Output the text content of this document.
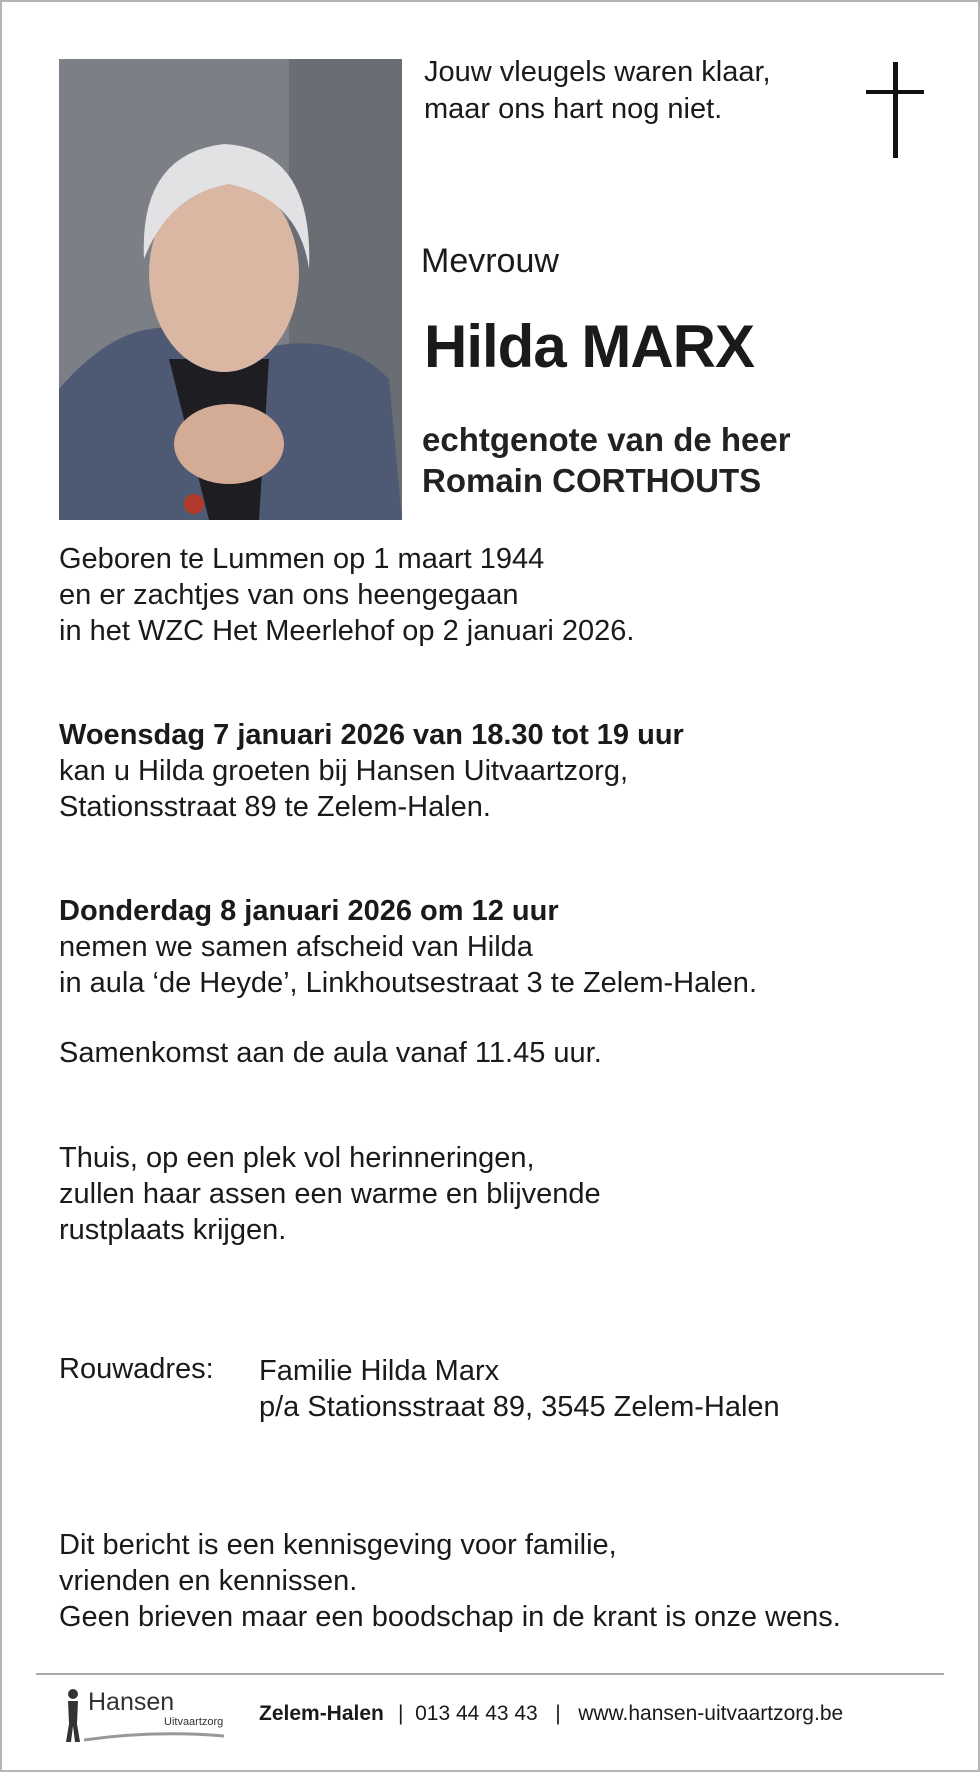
Jouw vleugels waren klaar,
maar ons hart nog niet.
Mevrouw
Hilda MARX
echtgenote van de heer
Romain CORTHOUTS
Geboren te Lummen op 1 maart 1944
en er zachtjes van ons heengegaan
in het WZC Het Meerlehof op 2 januari 2026.
Woensdag 7 januari 2026 van 18.30 tot 19 uur
kan u Hilda groeten bij Hansen Uitvaartzorg,
Stationsstraat 89 te Zelem-Halen.
Donderdag 8 januari 2026 om 12 uur
nemen we samen afscheid van Hilda
in aula ‘de Heyde’, Linkhoutsestraat 3 te Zelem-Halen.
Samenkomst aan de aula vanaf 11.45 uur.
Thuis, op een plek vol herinneringen,
zullen haar assen een warme en blijvende
rustplaats krijgen.
Rouwadres: Familie Hilda Marx
p/a Stationsstraat 89, 3545 Zelem-Halen
Dit bericht is een kennisgeving voor familie,
vrienden en kennissen.
Geen brieven maar een boodschap in de krant is onze wens.
Hansen
Uitvaartzorg Zelem-Halen |  013 44 43 43   |   www.hansen-uitvaartzorg.be
